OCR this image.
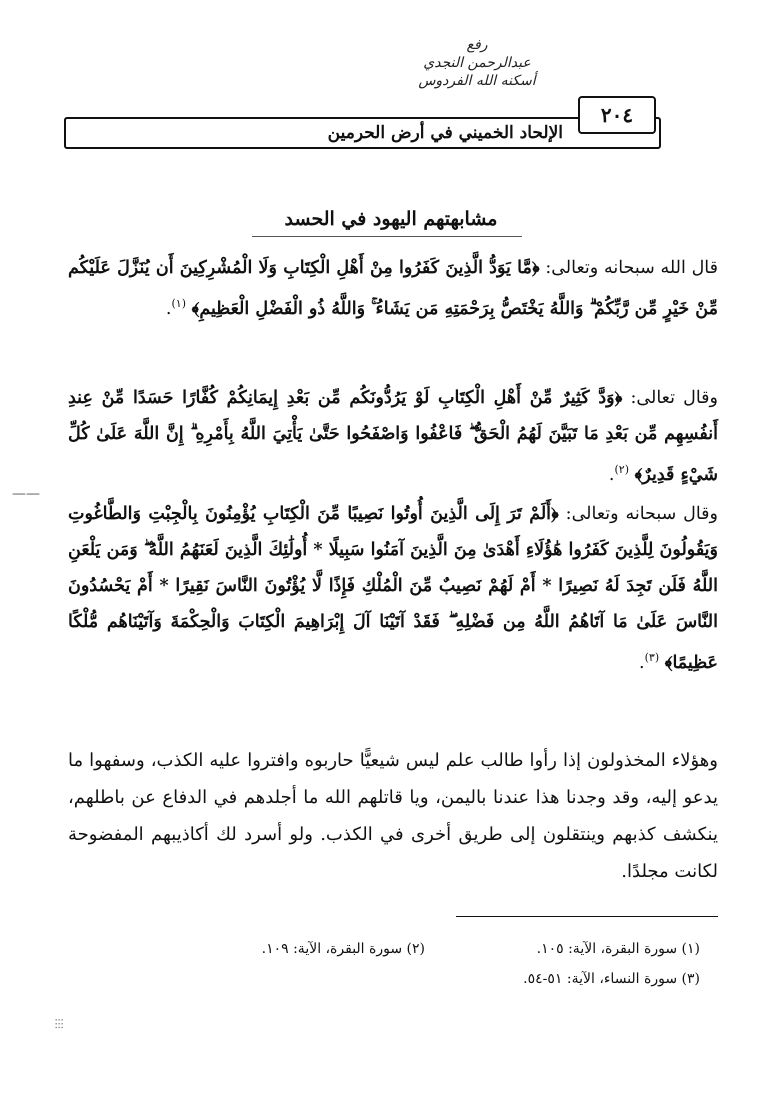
رفع
عبدالرحمن النجدي
أسكنه الله الفردوس
الإلحاد الخميني في أرض الحرمين
٢٠٤
مشابهتهم اليهود في الحسد
قال الله سبحانه وتعالى: ﴿مَّا يَوَدُّ الَّذِينَ كَفَرُوا مِنْ أَهْلِ الْكِتَابِ وَلَا الْمُشْرِكِينَ أَن يُنَزَّلَ عَلَيْكُم مِّنْ خَيْرٍ مِّن رَّبِّكُمْ ۗ وَاللَّهُ يَخْتَصُّ بِرَحْمَتِهِ مَن يَشَاءُ ۚ وَاللَّهُ ذُو الْفَضْلِ الْعَظِيمِ﴾ $^{(١)}$.
وقال تعالى: ﴿وَدَّ كَثِيرٌ مِّنْ أَهْلِ الْكِتَابِ لَوْ يَرُدُّونَكُم مِّن بَعْدِ إِيمَانِكُمْ كُفَّارًا حَسَدًا مِّنْ عِندِ أَنفُسِهِم مِّن بَعْدِ مَا تَبَيَّنَ لَهُمُ الْحَقُّ ۖ فَاعْفُوا وَاصْفَحُوا حَتَّىٰ يَأْتِيَ اللَّهُ بِأَمْرِهِ ۗ إِنَّ اللَّهَ عَلَىٰ كُلِّ شَيْءٍ قَدِيرٌ﴾ $^{(٢)}$.
وقال سبحانه وتعالى: ﴿أَلَمْ تَرَ إِلَى الَّذِينَ أُوتُوا نَصِيبًا مِّنَ الْكِتَابِ يُؤْمِنُونَ بِالْجِبْتِ وَالطَّاغُوتِ وَيَقُولُونَ لِلَّذِينَ كَفَرُوا هَٰؤُلَاءِ أَهْدَىٰ مِنَ الَّذِينَ آمَنُوا سَبِيلًا * أُولَٰئِكَ الَّذِينَ لَعَنَهُمُ اللَّهُ ۖ وَمَن يَلْعَنِ اللَّهُ فَلَن تَجِدَ لَهُ نَصِيرًا * أَمْ لَهُمْ نَصِيبٌ مِّنَ الْمُلْكِ فَإِذًا لَّا يُؤْتُونَ النَّاسَ نَقِيرًا * أَمْ يَحْسُدُونَ النَّاسَ عَلَىٰ مَا آتَاهُمُ اللَّهُ مِن فَضْلِهِ ۖ فَقَدْ آتَيْنَا آلَ إِبْرَاهِيمَ الْكِتَابَ وَالْحِكْمَةَ وَآتَيْنَاهُم مُّلْكًا عَظِيمًا﴾ $^{(٣)}$.
وهؤلاء المخذولون إذا رأوا طالب علم ليس شيعيًّا حاربوه وافتروا عليه الكذب، وسفهوا ما يدعو إليه، وقد وجدنا هذا عندنا باليمن، ويا قاتلهم الله ما أجلدهم في الدفاع عن باطلهم، ينكشف كذبهم وينتقلون إلى طريق أخرى في الكذب. ولو أسرد لك أكاذيبهم المفضوحة لكانت مجلدًا.
——
(١) سورة البقرة، الآية: ١٠٥.
(٢) سورة البقرة، الآية: ١٠٩.
(٣) سورة النساء، الآية: ٥١-٥٤.
⁝⁝⁝
